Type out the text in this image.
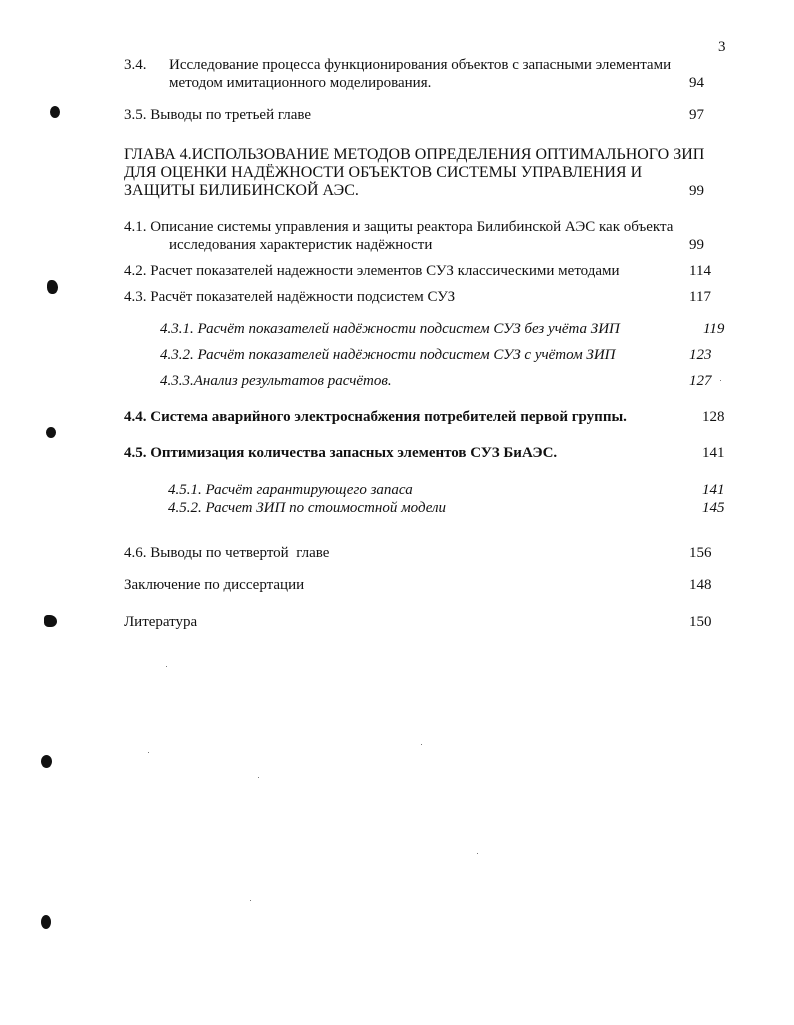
3
3.4. Исследование процесса функционирования объектов с запасными элементами
методом имитационного моделирования.	94
3.5. Выводы по третьей главе	97
ГЛАВА 4.ИСПОЛЬЗОВАНИЕ МЕТОДОВ ОПРЕДЕЛЕНИЯ ОПТИМАЛЬНОГО ЗИП
ДЛЯ ОЦЕНКИ НАДЁЖНОСТИ ОБЪЕКТОВ СИСТЕМЫ УПРАВЛЕНИЯ И
ЗАЩИТЫ БИЛИБИНСКОЙ АЭС.	99
4.1. Описание системы управления и защиты реактора Билибинской АЭС как объекта
исследования характеристик надёжности	99
4.2. Расчет показателей надежности элементов СУЗ классическими методами	114
4.3. Расчёт показателей надёжности подсистем СУЗ	117
4.3.1. Расчёт показателей надёжности подсистем СУЗ без учёта ЗИП	119
4.3.2. Расчёт показателей надёжности подсистем СУЗ с учётом ЗИП	123
4.3.3.Анализ результатов расчётов.	127
4.4. Система аварийного электроснабжения потребителей первой группы.	128
4.5. Оптимизация количества запасных элементов СУЗ БиАЭС.	141
4.5.1. Расчёт гарантирующего запаса	141
4.5.2. Расчет ЗИП по стоимостной модели	145
4.6. Выводы по четвертой  главе	156
Заключение по диссертации	148
Литература	150
